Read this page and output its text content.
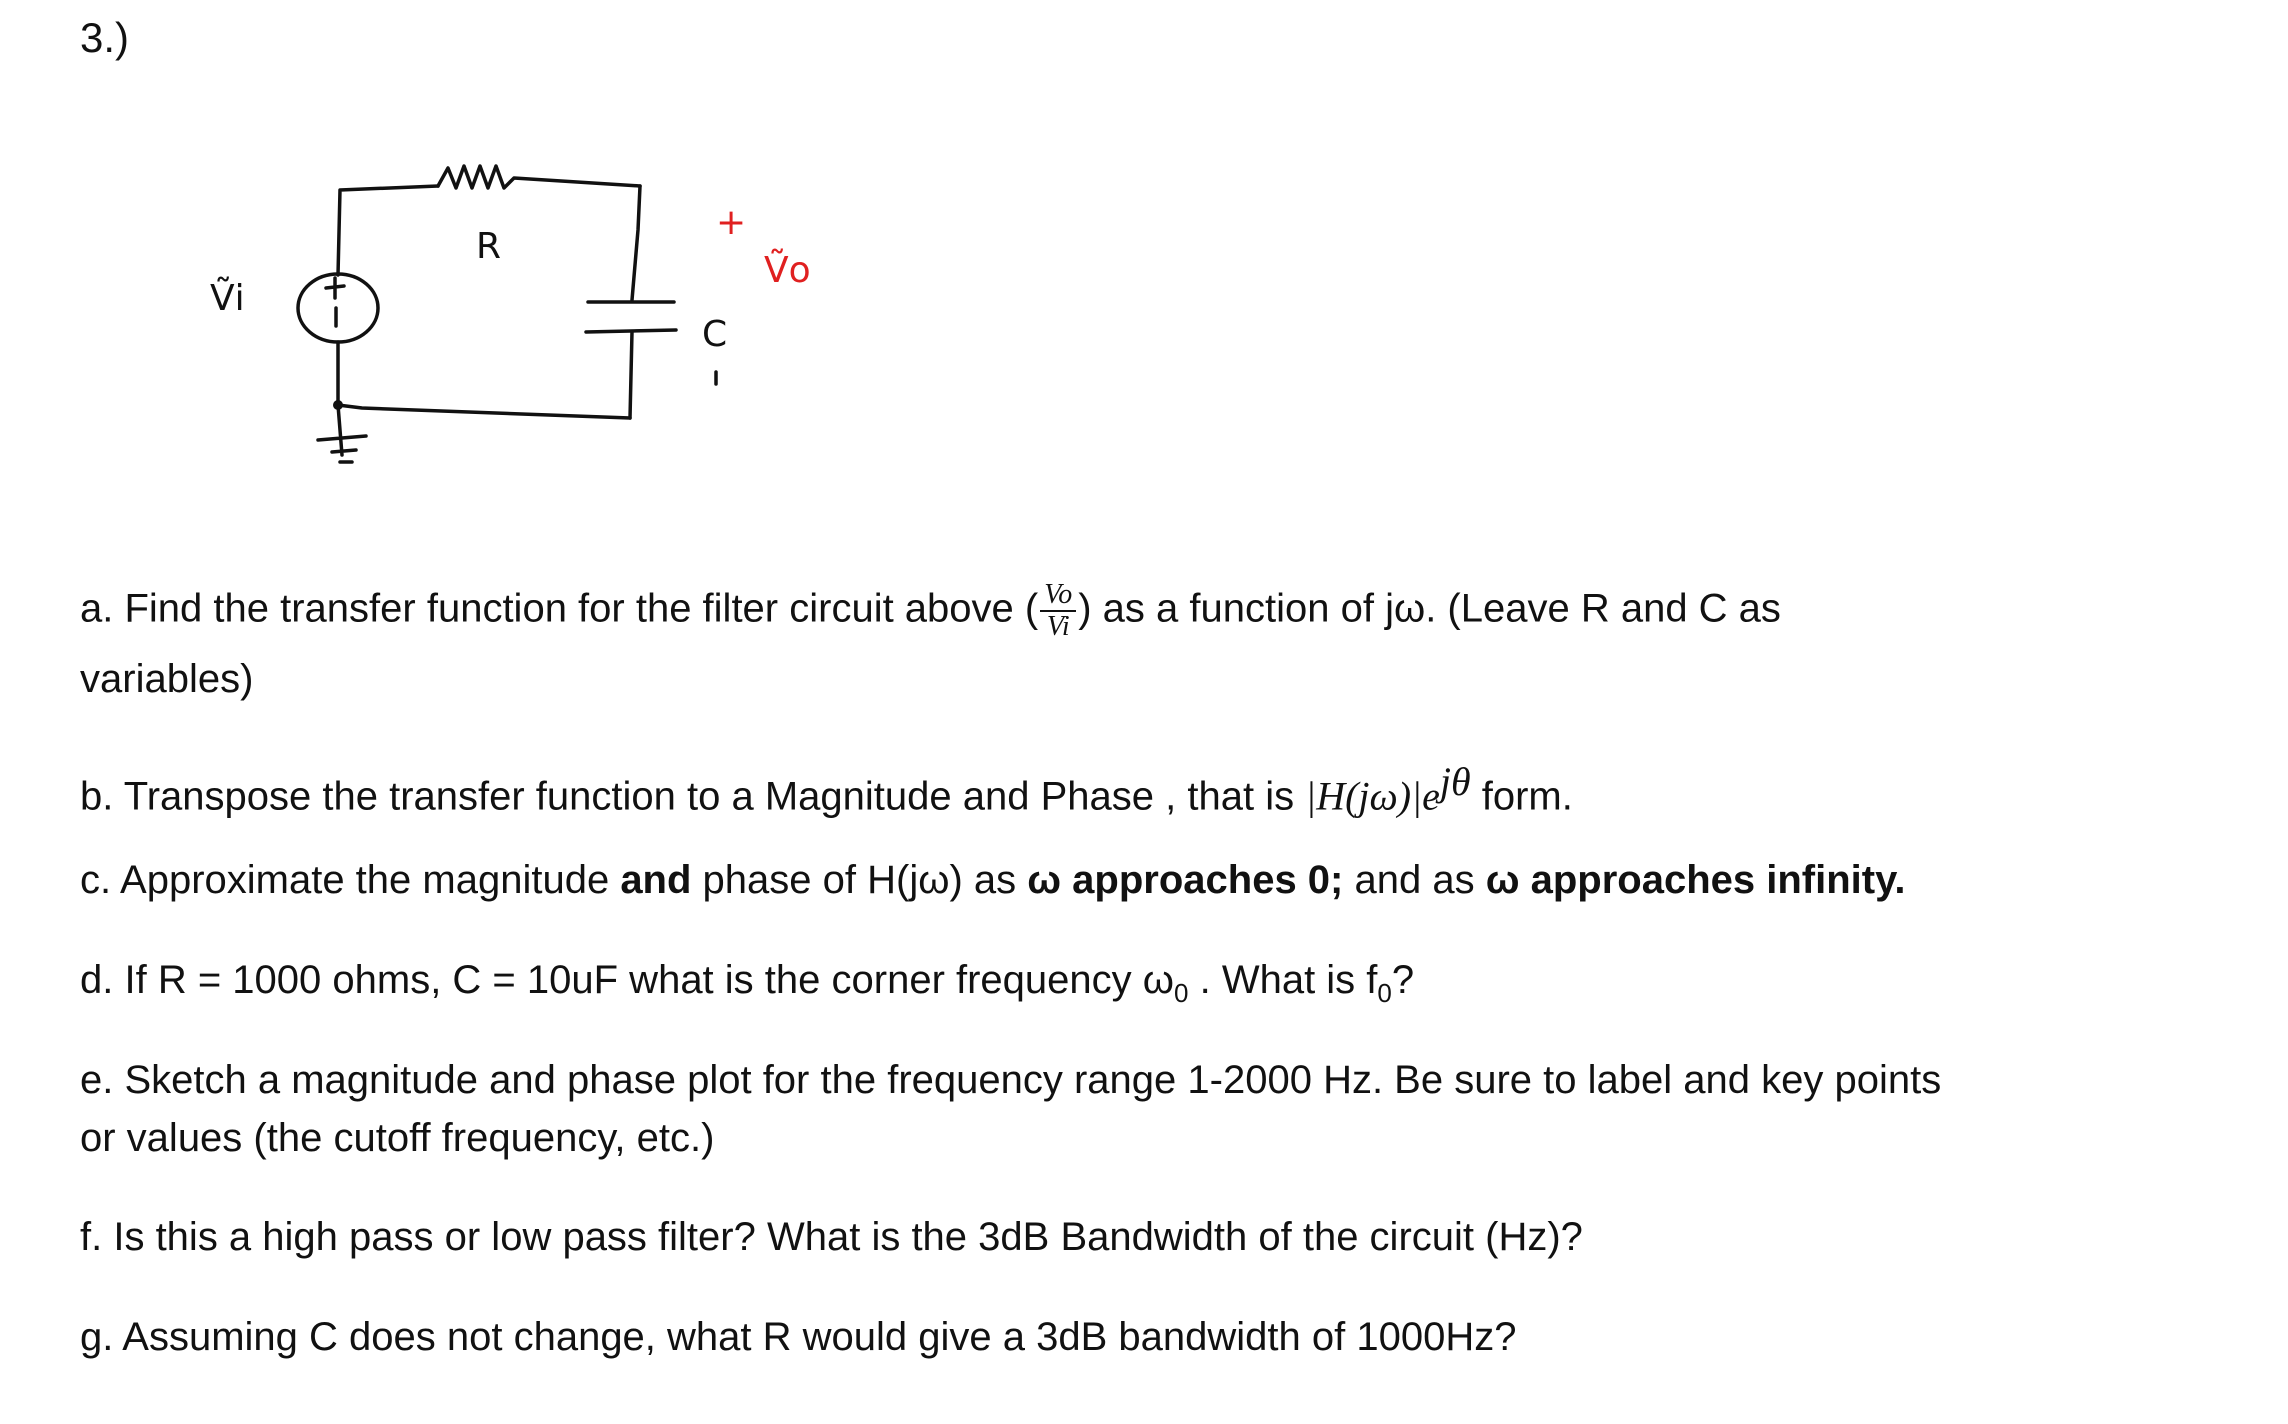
3.)
Ṽi
R
C
+
Ṽo
a. Find the transfer function for the filter circuit above ( $\frac{Vo}{Vi}$ ) as a function of jω. (Leave R and C as
variables)
b. Transpose the transfer function to a Magnitude and Phase , that is $|H(j\omega)|e^{j\theta}$ form.
c. Approximate the magnitude and phase of H(jω) as ω approaches 0; and as ω approaches infinity.
d. If R = 1000 ohms, C = 10uF what is the corner frequency $\omega_0$ . What is $f_0$?
e. Sketch a magnitude and phase plot for the frequency range 1-2000 Hz. Be sure to label and key points
or values (the cutoff frequency, etc.)
f. Is this a high pass or low pass filter? What is the 3dB Bandwidth of the circuit (Hz)?
g. Assuming C does not change, what R would give a 3dB bandwidth of 1000Hz?
